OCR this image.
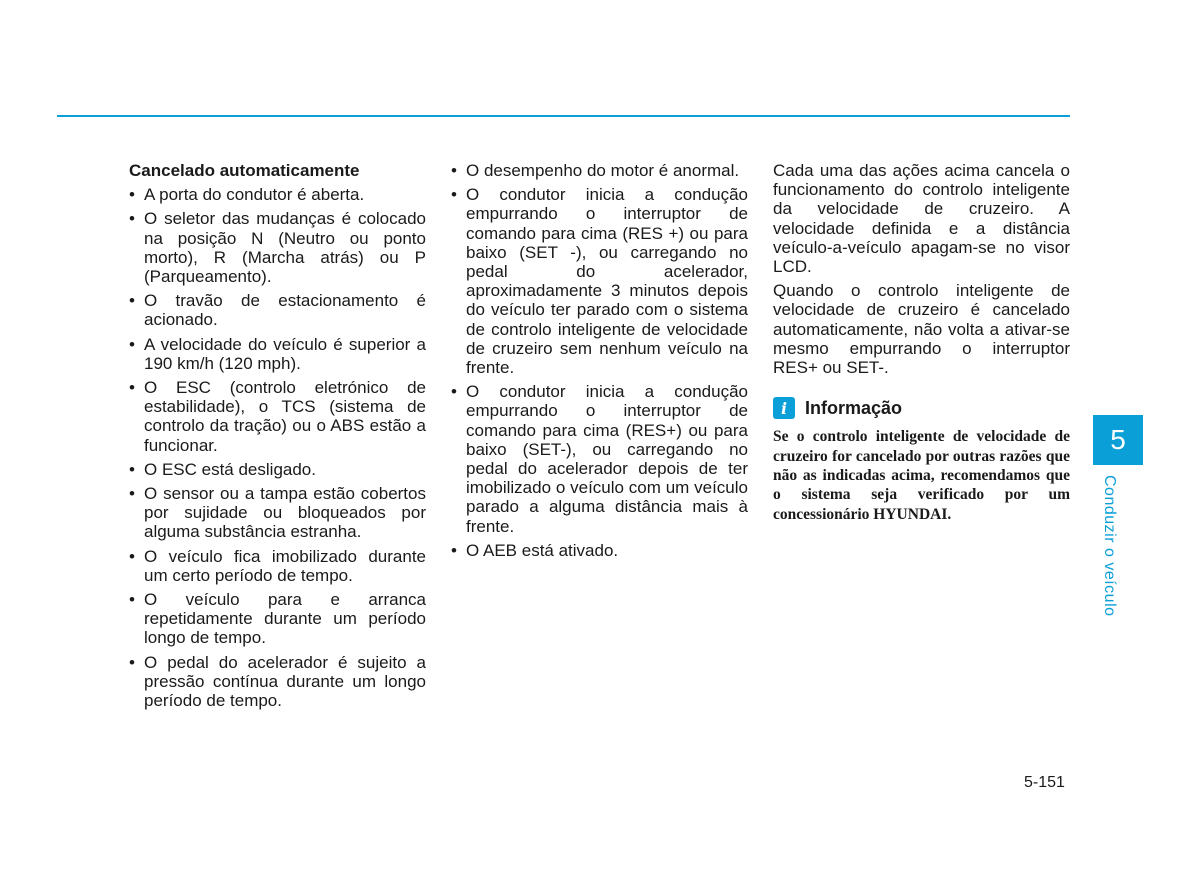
Cancelado automaticamente
• A porta do condutor é aberta.
• O seletor das mudanças é colocado na posição N (Neutro ou ponto morto), R (Marcha atrás) ou P (Parqueamento).
• O travão de estacionamento é acionado.
• A velocidade do veículo é superior a 190 km/h (120 mph).
• O ESC (controlo eletrónico de estabilidade), o TCS (sistema de controlo da tração) ou o ABS estão a funcionar.
• O ESC está desligado.
• O sensor ou a tampa estão cobertos por sujidade ou bloqueados por alguma substância estranha.
• O veículo fica imobilizado durante um certo período de tempo.
• O veículo para e arranca repetidamente durante um período longo de tempo.
• O pedal do acelerador é sujeito a pressão contínua durante um longo período de tempo.
• O desempenho do motor é anormal.
• O condutor inicia a condução empurrando o interruptor de comando para cima (RES +) ou para baixo (SET -), ou carregando no pedal do acelerador, aproximadamente 3 minutos depois do veículo ter parado com o sistema de controlo inteligente de velocidade de cruzeiro sem nenhum veículo na frente.
• O condutor inicia a condução empurrando o interruptor de comando para cima (RES+) ou para baixo (SET-), ou carregando no pedal do acelerador depois de ter imobilizado o veículo com um veículo parado a alguma distância mais à frente.
• O AEB está ativado.

Cada uma das ações acima cancela o funcionamento do controlo inteligente da velocidade de cruzeiro. A velocidade definida e a distância veículo-a-veículo apagam-se no visor LCD.

Quando o controlo inteligente de velocidade de cruzeiro é cancelado automaticamente, não volta a ativar-se mesmo empurrando o interruptor RES+ ou SET-.

i Informação
Se o controlo inteligente de velocidade de cruzeiro for cancelado por outras razões que não as indicadas acima, recomendamos que o sistema seja verificado por um concessionário HYUNDAI.
5
Conduzir o veículo
5-151
